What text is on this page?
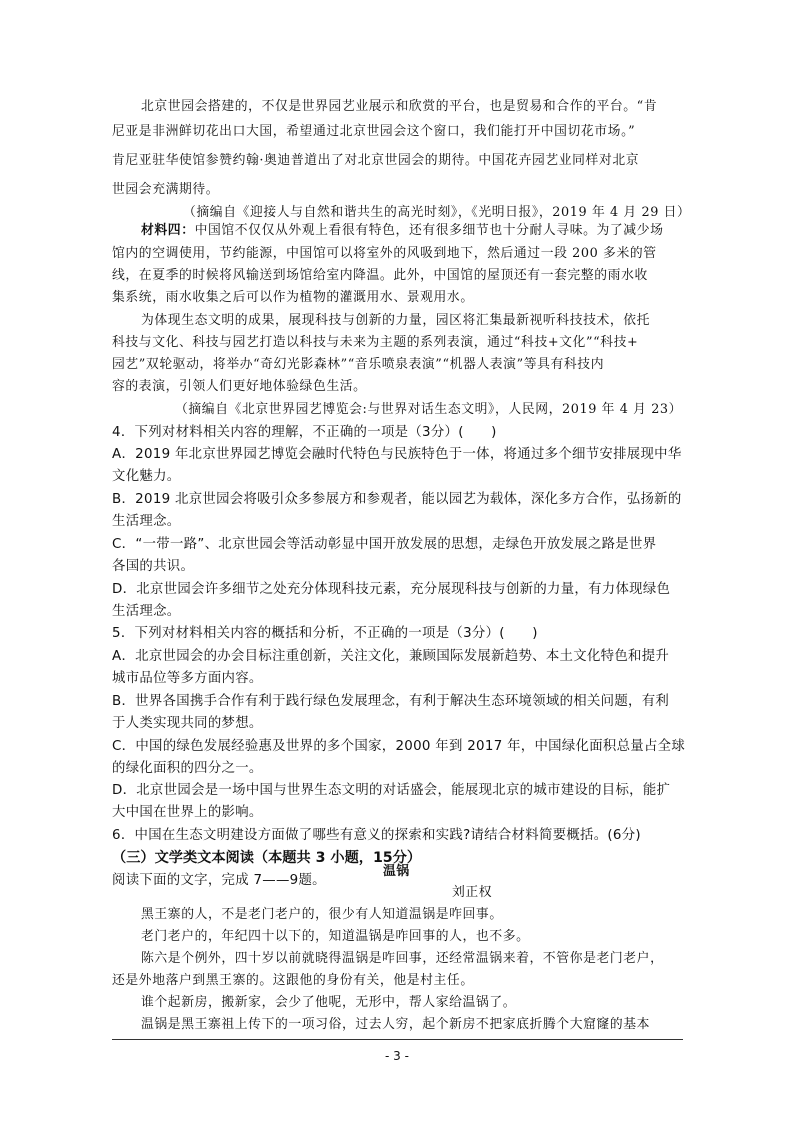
北京世园会搭建的，不仅是世界园艺业展示和欣赏的平台，也是贸易和合作的平台。“肯
尼亚是非洲鲜切花出口大国，希望通过北京世园会这个窗口，我们能打开中国切花市场。”
肯尼亚驻华使馆参赞约翰·奥迪普道出了对北京世园会的期待。中国花卉园艺业同样对北京
世园会充满期待。
（摘编自《迎接人与自然和谐共生的高光时刻》，《光明日报》，2019 年 4 月 29 日）
材料四：中国馆不仅仅从外观上看很有特色，还有很多细节也十分耐人寻味。为了减少场
馆内的空调使用，节约能源，中国馆可以将室外的风吸到地下，然后通过一段 200 多米的管
线，在夏季的时候将风输送到场馆给室内降温。此外，中国馆的屋顶还有一套完整的雨水收
集系统，雨水收集之后可以作为植物的灌溉用水、景观用水。
为体现生态文明的成果，展现科技与创新的力量，园区将汇集最新视听科技技术，依托
科技与文化、科技与园艺打造以科技与未来为主题的系列表演，通过“科技+文化”“科技+
园艺”双轮驱动，将举办“奇幻光影森林”“音乐喷泉表演”“机器人表演”等具有科技内
容的表演，引领人们更好地体验绿色生活。
（摘编自《北京世界园艺博览会:与世界对话生态文明》，人民网，2019 年 4 月 23）
4．下列对材料相关内容的理解，不正确的一项是（3分）(　　)
A．2019 年北京世界园艺博览会融时代特色与民族特色于一体，将通过多个细节安排展现中华
文化魅力。
B．2019 北京世园会将吸引众多参展方和参观者，能以园艺为载体，深化多方合作，弘扬新的
生活理念。
C．“一带一路”、北京世园会等活动彰显中国开放发展的思想，走绿色开放发展之路是世界
各国的共识。
D．北京世园会许多细节之处充分体现科技元素，充分展现科技与创新的力量，有力体现绿色
生活理念。
5．下列对材料相关内容的概括和分析，不正确的一项是（3分）(　　)
A．北京世园会的办会目标注重创新，关注文化，兼顾国际发展新趋势、本土文化特色和提升
城市品位等多方面内容。
B．世界各国携手合作有利于践行绿色发展理念，有利于解决生态环境领域的相关问题，有利
于人类实现共同的梦想。
C．中国的绿色发展经验惠及世界的多个国家，2000 年到 2017 年，中国绿化面积总量占全球
的绿化面积的四分之一。
D．北京世园会是一场中国与世界生态文明的对话盛会，能展现北京的城市建设的目标，能扩
大中国在世界上的影响。
6．中国在生态文明建设方面做了哪些有意义的探索和实践?请结合材料简要概括。(6分)
（三）文学类文本阅读（本题共 3 小题，15分）
阅读下面的文字，完成 7——9题。
温锅
刘正权
黑王寨的人，不是老门老户的，很少有人知道温锅是咋回事。
老门老户的，年纪四十以下的，知道温锅是咋回事的人，也不多。
陈六是个例外，四十岁以前就晓得温锅是咋回事，还经常温锅来着，不管你是老门老户，
还是外地落户到黑王寨的。这跟他的身份有关，他是村主任。
- 3 -
谁个起新房，搬新家，会少了他呢，无形中，帮人家给温锅了。
温锅是黑王寨祖上传下的一项习俗，过去人穷，起个新房不把家底折腾个大窟窿的基本
